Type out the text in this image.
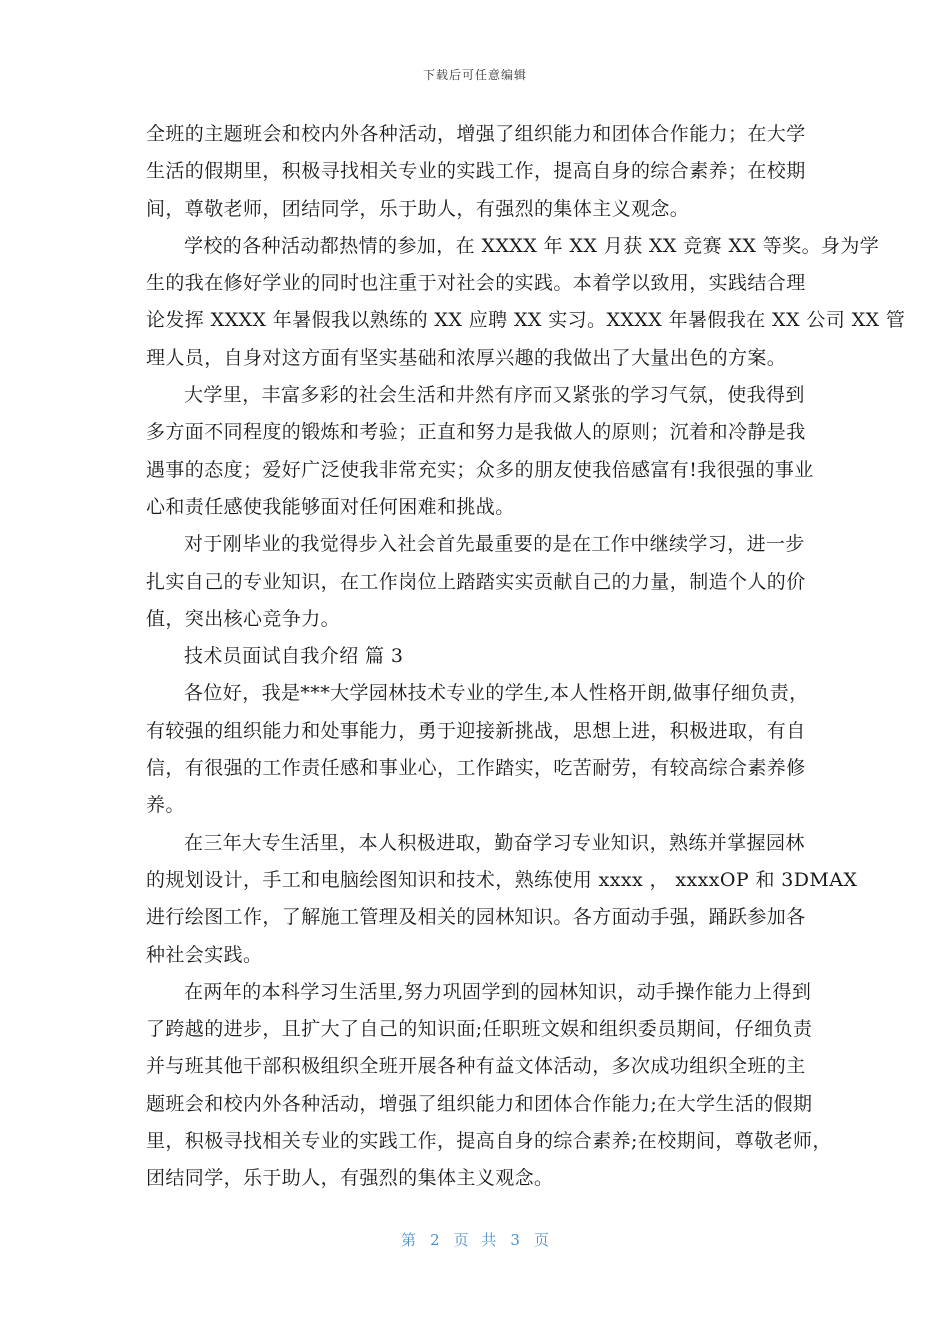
下载后可任意编辑
全班的主题班会和校内外各种活动，增强了组织能力和团体合作能力；在大学
生活的假期里，积极寻找相关专业的实践工作，提高自身的综合素养；在校期
间，尊敬老师，团结同学，乐于助人，有强烈的集体主义观念。
学校的各种活动都热情的参加，在 XXXX 年 XX 月获 XX 竞赛 XX 等奖。身为学
生的我在修好学业的同时也注重于对社会的实践。本着学以致用，实践结合理
论发挥 XXXX 年暑假我以熟练的 XX 应聘 XX 实习。XXXX 年暑假我在 XX 公司 XX 管
理人员，自身对这方面有坚实基础和浓厚兴趣的我做出了大量出色的方案。
大学里，丰富多彩的社会生活和井然有序而又紧张的学习气氛，使我得到
多方面不同程度的锻炼和考验；正直和努力是我做人的原则；沉着和冷静是我
遇事的态度；爱好广泛使我非常充实；众多的朋友使我倍感富有!我很强的事业
心和责任感使我能够面对任何困难和挑战。
对于刚毕业的我觉得步入社会首先最重要的是在工作中继续学习，进一步
扎实自己的专业知识，在工作岗位上踏踏实实贡献自己的力量，制造个人的价
值，突出核心竞争力。
技术员面试自我介绍 篇 3
各位好，我是***大学园林技术专业的学生,本人性格开朗,做事仔细负责，
有较强的组织能力和处事能力，勇于迎接新挑战，思想上进，积极进取，有自
信，有很强的工作责任感和事业心，工作踏实，吃苦耐劳，有较高综合素养修
养。
在三年大专生活里，本人积极进取，勤奋学习专业知识，熟练并掌握园林
的规划设计，手工和电脑绘图知识和技术，熟练使用 xxxx ， xxxxOP 和 3DMAX
进行绘图工作，了解施工管理及相关的园林知识。各方面动手强，踊跃参加各
种社会实践。
在两年的本科学习生活里,努力巩固学到的园林知识，动手操作能力上得到
了跨越的进步，且扩大了自己的知识面;任职班文娱和组织委员期间，仔细负责
并与班其他干部积极组织全班开展各种有益文体活动，多次成功组织全班的主
题班会和校内外各种活动，增强了组织能力和团体合作能力;在大学生活的假期
里，积极寻找相关专业的实践工作，提高自身的综合素养;在校期间，尊敬老师，
团结同学，乐于助人，有强烈的集体主义观念。
第 2 页 共 3 页
